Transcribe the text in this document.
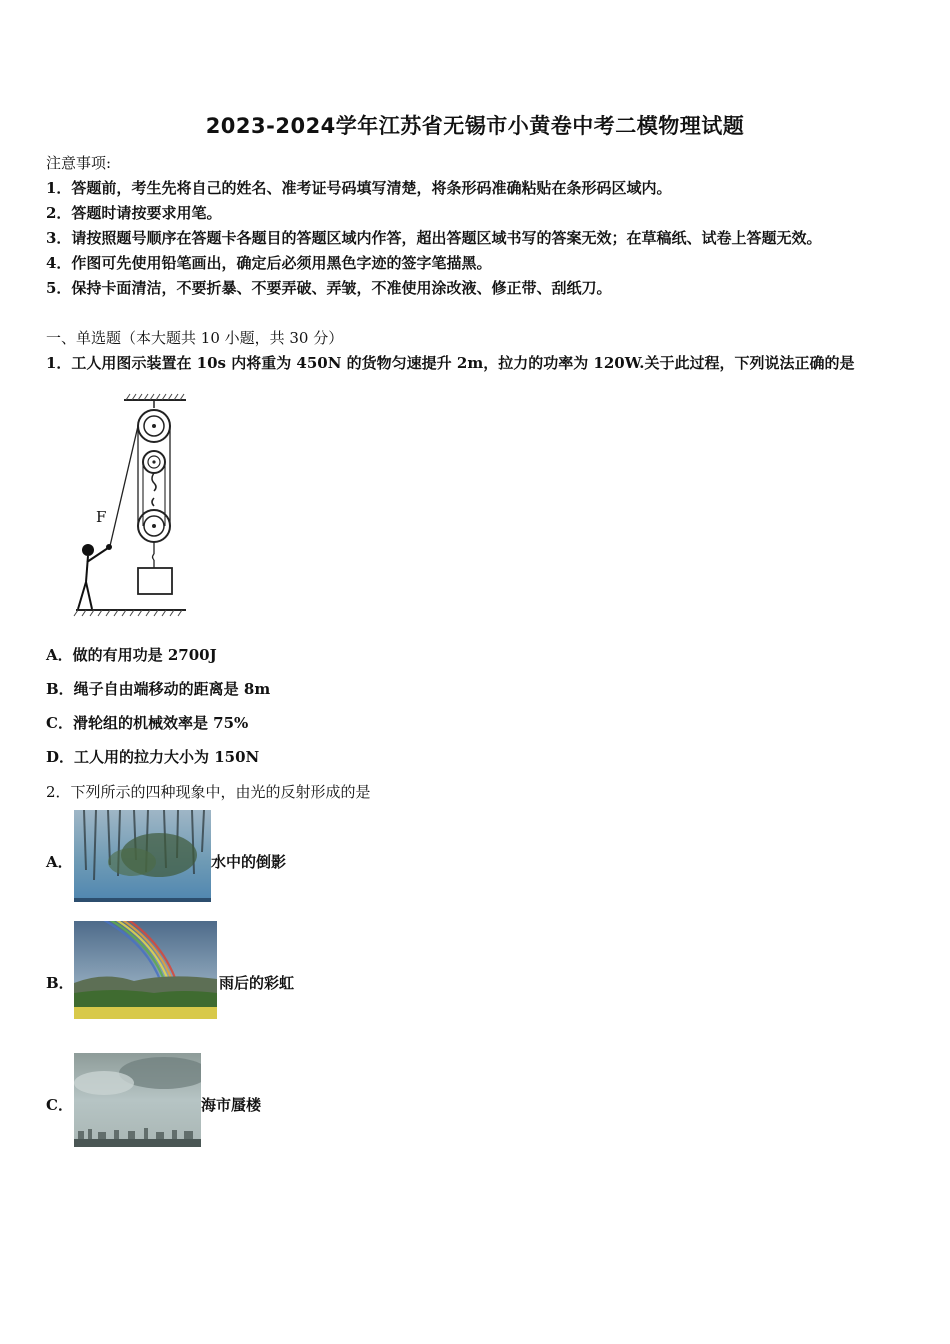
2023-2024学年江苏省无锡市小黄卷中考二模物理试题
注意事项:
1．答题前，考生先将自己的姓名、准考证号码填写清楚，将条形码准确粘贴在条形码区域内。
2．答题时请按要求用笔。
3．请按照题号顺序在答题卡各题目的答题区域内作答，超出答题区域书写的答案无效；在草稿纸、试卷上答题无效。
4．作图可先使用铅笔画出，确定后必须用黑色字迹的签字笔描黑。
5．保持卡面清洁，不要折暴、不要弄破、弄皱，不准使用涂改液、修正带、刮纸刀。
一、单选题（本大题共 10 小题，共 30 分）
1．工人用图示装置在 10s 内将重为 450N 的货物匀速提升 2m，拉力的功率为 120W.关于此过程，下列说法正确的是
F
A．做的有用功是 2700J
B．绳子自由端移动的距离是 8m
C．滑轮组的机械效率是 75%
D．工人用的拉力大小为 150N
2．下列所示的四种现象中，由光的反射形成的是
A．	水中的倒影
B．	雨后的彩虹
C．	海市蜃楼
